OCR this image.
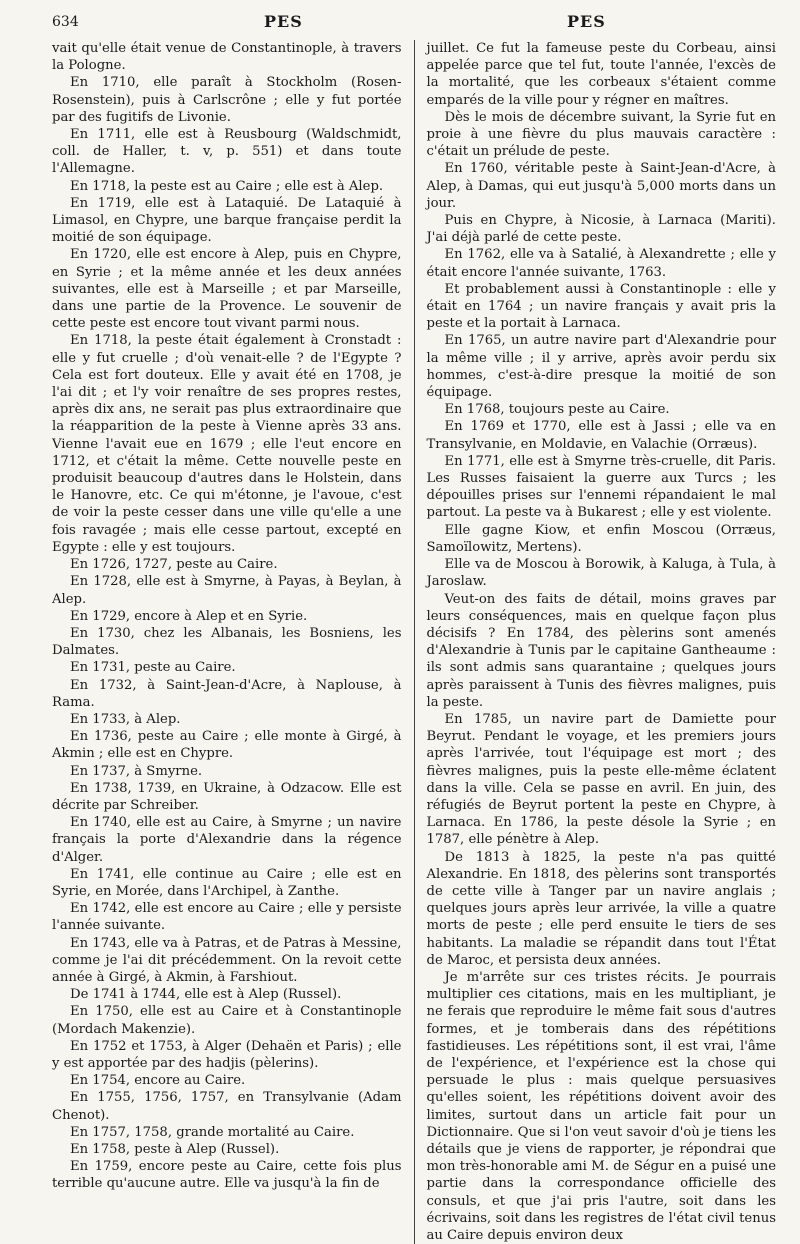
634	PES	PES

vait qu'elle était venue de Constantinople, à travers la Pologne.

En 1710, elle paraît à Stockholm (Rosen-Rosenstein), puis à Carlscrône ; elle y fut portée par des fugitifs de Livonie.

En 1711, elle est à Reusbourg (Waldschmidt, coll. de Haller, t. v, p. 551) et dans toute l'Allemagne.

En 1718, la peste est au Caire ; elle est à Alep.

En 1719, elle est à Lataquié. De Lataquié à Limasol, en Chypre, une barque française perdit la moitié de son équipage.

En 1720, elle est encore à Alep, puis en Chypre, en Syrie ; et la même année et les deux années suivantes, elle est à Marseille ; et par Marseille, dans une partie de la Provence. Le souvenir de cette peste est encore tout vivant parmi nous.

En 1718, la peste était également à Cronstadt : elle y fut cruelle ; d'où venait-elle ? de l'Egypte ? Cela est fort douteux. Elle y avait été en 1708, je l'ai dit ; et l'y voir renaître de ses propres restes, après dix ans, ne serait pas plus extraordinaire que la réapparition de la peste à Vienne après 33 ans. Vienne l'avait eue en 1679 ; elle l'eut encore en 1712, et c'était la même. Cette nouvelle peste en produisit beaucoup d'autres dans le Holstein, dans le Hanovre, etc. Ce qui m'étonne, je l'avoue, c'est de voir la peste cesser dans une ville qu'elle a une fois ravagée ; mais elle cesse partout, excepté en Egypte : elle y est toujours.

En 1726, 1727, peste au Caire.

En 1728, elle est à Smyrne, à Payas, à Beylan, à Alep.

En 1729, encore à Alep et en Syrie.

En 1730, chez les Albanais, les Bosniens, les Dalmates.

En 1731, peste au Caire.

En 1732, à Saint-Jean-d'Acre, à Naplouse, à Rama.

En 1733, à Alep.

En 1736, peste au Caire ; elle monte à Girgé, à Akmin ; elle est en Chypre.

En 1737, à Smyrne.

En 1738, 1739, en Ukraine, à Odzacow. Elle est décrite par Schreiber.

En 1740, elle est au Caire, à Smyrne ; un navire français la porte d'Alexandrie dans la régence d'Alger.

En 1741, elle continue au Caire ; elle est en Syrie, en Morée, dans l'Archipel, à Zanthe.

En 1742, elle est encore au Caire ; elle y persiste l'année suivante.

En 1743, elle va à Patras, et de Patras à Messine, comme je l'ai dit précédemment. On la revoit cette année à Girgé, à Akmin, à Farshiout.

De 1741 à 1744, elle est à Alep (Russel).

En 1750, elle est au Caire et à Constantinople (Mordach Makenzie).

En 1752 et 1753, à Alger (Dehaën et Paris) ; elle y est apportée par des hadjis (pèlerins).

En 1754, encore au Caire.

En 1755, 1756, 1757, en Transylvanie (Adam Chenot).

En 1757, 1758, grande mortalité au Caire.

En 1758, peste à Alep (Russel).

En 1759, encore peste au Caire, cette fois plus terrible qu'aucune autre. Elle va jusqu'à la fin de

juillet. Ce fut la fameuse peste du Corbeau, ainsi appelée parce que tel fut, toute l'année, l'excès de la mortalité, que les corbeaux s'étaient comme emparés de la ville pour y régner en maîtres.

Dès le mois de décembre suivant, la Syrie fut en proie à une fièvre du plus mauvais caractère : c'était un prélude de peste.

En 1760, véritable peste à Saint-Jean-d'Acre, à Alep, à Damas, qui eut jusqu'à 5,000 morts dans un jour.

Puis en Chypre, à Nicosie, à Larnaca (Mariti). J'ai déjà parlé de cette peste.

En 1762, elle va à Satalié, à Alexandrette ; elle y était encore l'année suivante, 1763.

Et probablement aussi à Constantinople : elle y était en 1764 ; un navire français y avait pris la peste et la portait à Larnaca.

En 1765, un autre navire part d'Alexandrie pour la même ville ; il y arrive, après avoir perdu six hommes, c'est-à-dire presque la moitié de son équipage.

En 1768, toujours peste au Caire.

En 1769 et 1770, elle est à Jassi ; elle va en Transylvanie, en Moldavie, en Valachie (Orræus).

En 1771, elle est à Smyrne très-cruelle, dit Paris. Les Russes faisaient la guerre aux Turcs ; les dépouilles prises sur l'ennemi répandaient le mal partout. La peste va à Bukarest ; elle y est violente.

Elle gagne Kiow, et enfin Moscou (Orræus, Samoïlowitz, Mertens).

Elle va de Moscou à Borowik, à Kaluga, à Tula, à Jaroslaw.

Veut-on des faits de détail, moins graves par leurs conséquences, mais en quelque façon plus décisifs ? En 1784, des pèlerins sont amenés d'Alexandrie à Tunis par le capitaine Gantheaume : ils sont admis sans quarantaine ; quelques jours après paraissent à Tunis des fièvres malignes, puis la peste.

En 1785, un navire part de Damiette pour Beyrut. Pendant le voyage, et les premiers jours après l'arrivée, tout l'équipage est mort ; des fièvres malignes, puis la peste elle-même éclatent dans la ville. Cela se passe en avril. En juin, des réfugiés de Beyrut portent la peste en Chypre, à Larnaca. En 1786, la peste désole la Syrie ; en 1787, elle pénètre à Alep.

De 1813 à 1825, la peste n'a pas quitté Alexandrie. En 1818, des pèlerins sont transportés de cette ville à Tanger par un navire anglais ; quelques jours après leur arrivée, la ville a quatre morts de peste ; elle perd ensuite le tiers de ses habitants. La maladie se répandit dans tout l'État de Maroc, et persista deux années.

Je m'arrête sur ces tristes récits. Je pourrais multiplier ces citations, mais en les multipliant, je ne ferais que reproduire le même fait sous d'autres formes, et je tomberais dans des répétitions fastidieuses. Les répétitions sont, il est vrai, l'âme de l'expérience, et l'expérience est la chose qui persuade le plus : mais quelque persuasives qu'elles soient, les répétitions doivent avoir des limites, surtout dans un article fait pour un Dictionnaire. Que si l'on veut savoir d'où je tiens les détails que je viens de rapporter, je répondrai que mon très-honorable ami M. de Ségur en a puisé une partie dans la correspondance officielle des consuls, et que j'ai pris l'autre, soit dans les écrivains, soit dans les registres de l'état civil tenus au Caire depuis environ deux
